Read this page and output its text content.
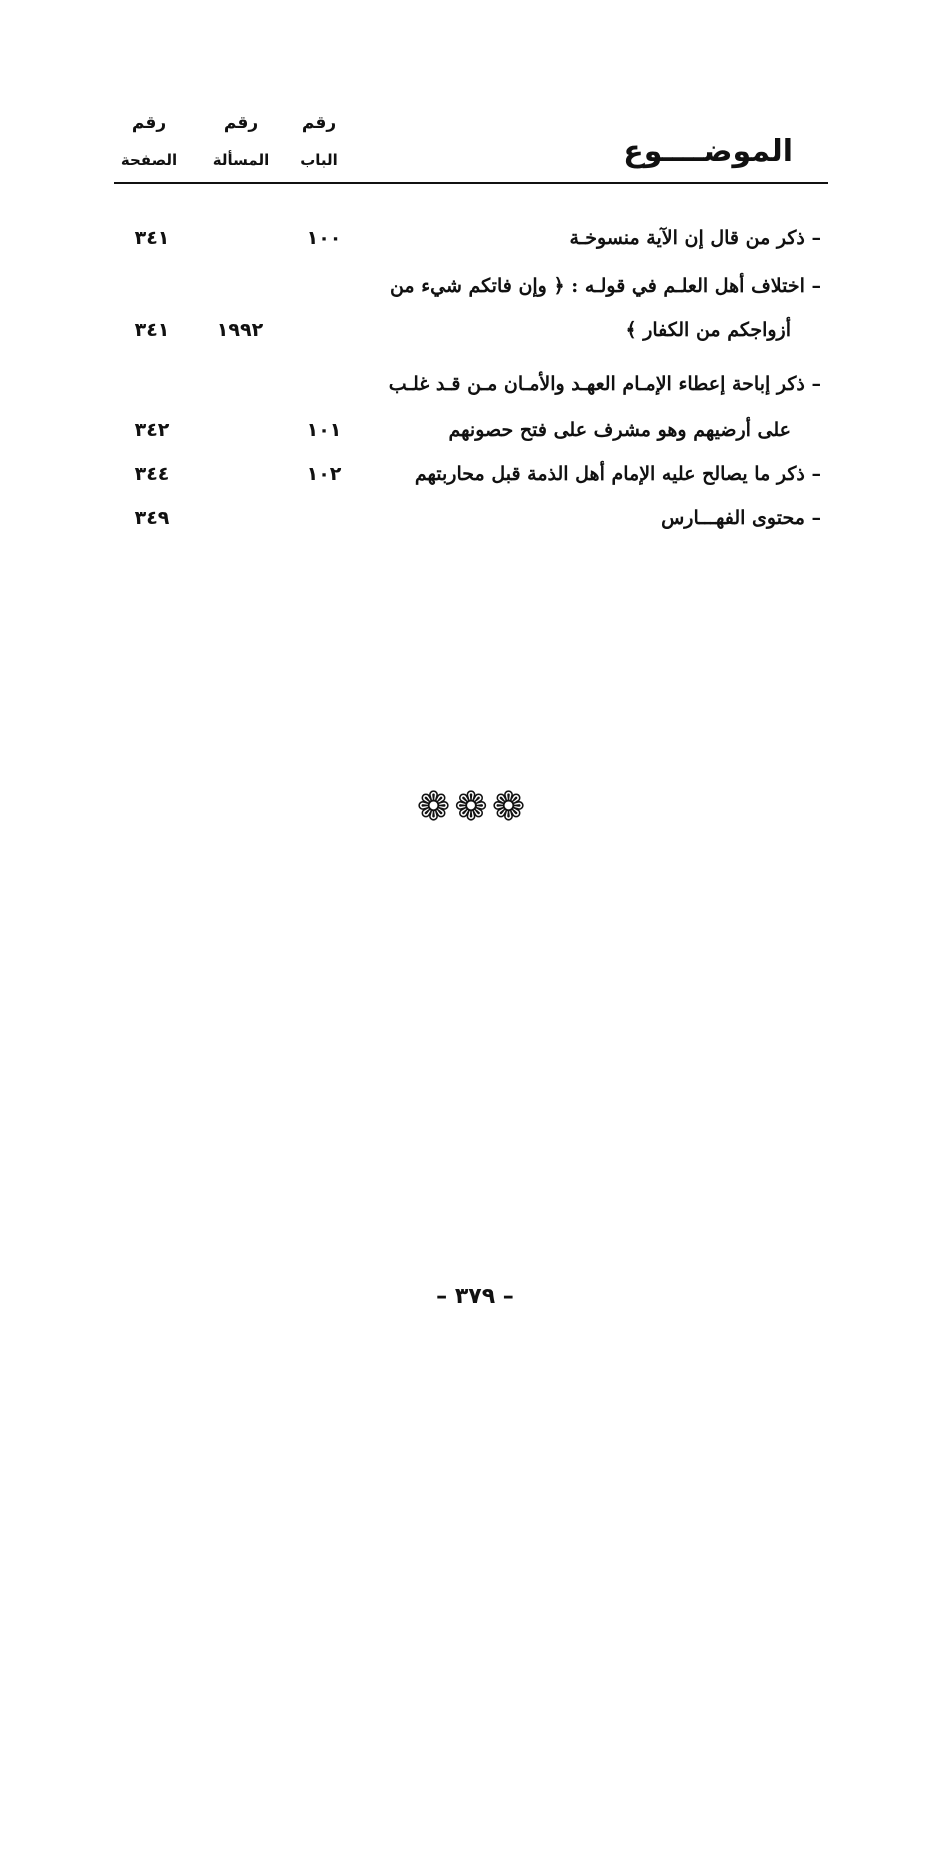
رقم
الصفحة
رقم
المسألة
رقم
الباب	الموضــــوع
– ذكر من قال إن الآية منسوخـة
١٠٠
٣٤١
– اختلاف أهل العلـم في قولـه : ﴿ وإن فاتكم شيء من
أزواجكم من الكفار ﴾
١٩٩٢
٣٤١
– ذكر إباحة إعطاء الإمـام العهـد والأمـان مـن قـد غلـب
على أرضيهم وهو مشرف على فتح حصونهم
١٠١
٣٤٢
– ذكر ما يصالح عليه الإمام أهل الذمة قبل محاربتهم
١٠٢
٣٤٤
– محتوى الفهـــارس
٣٤٩
❁ ❁ ❁
– ٣٧٩ –
